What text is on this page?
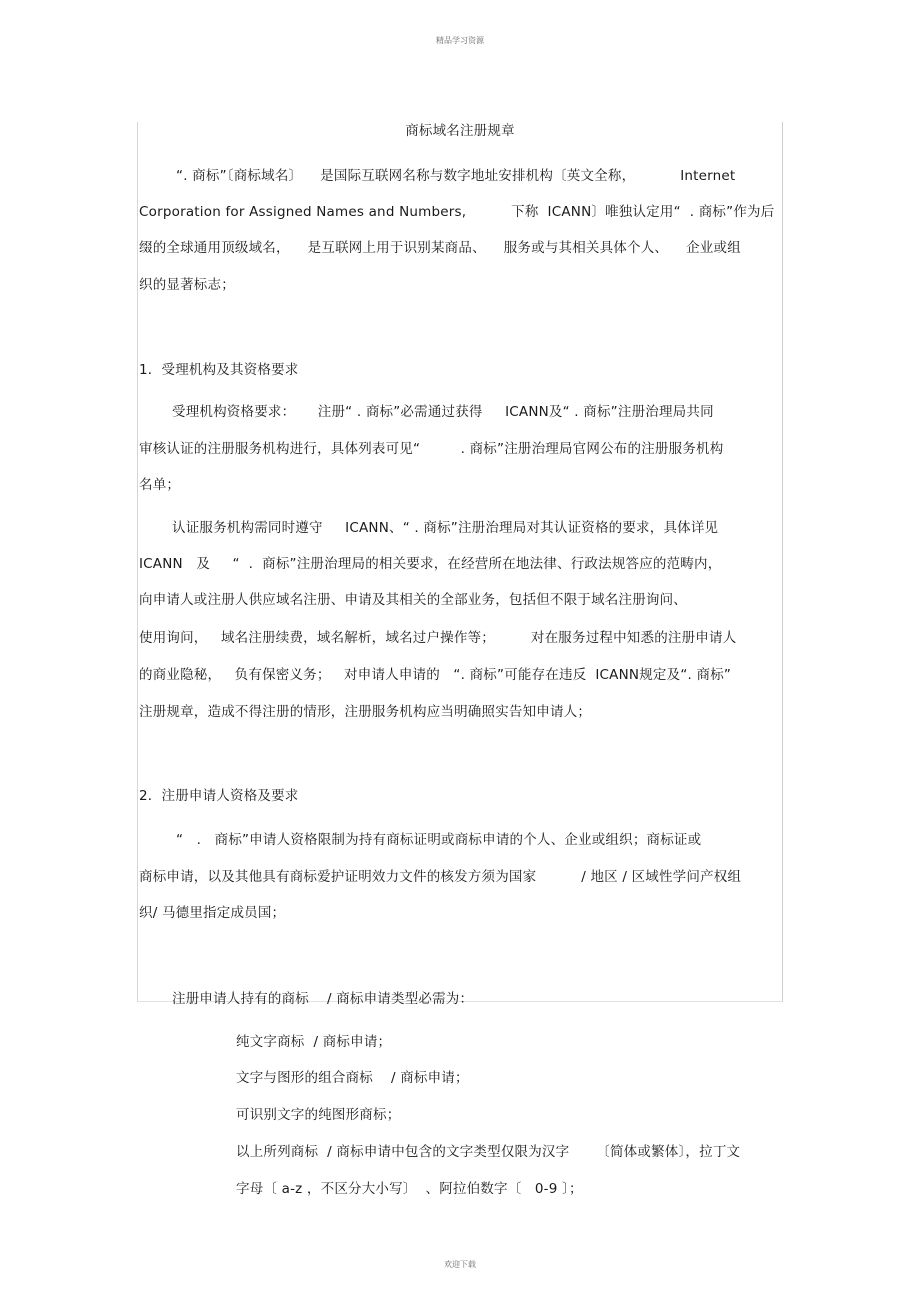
精品学习资源
商标域名注册规章
“. 商标”〔商标域名〕    是国际互联网名称与数字地址安排机构〔英文全称，          Internet
Corporation for Assigned Names and Numbers,          下称  ICANN〕唯独认定用“  . 商标”作为后
缀的全球通用顶级域名，    是互联网上用于识别某商品、    服务或与其相关具体个人、    企业或组
织的显著标志；
1．受理机构及其资格要求
受理机构资格要求：     注册“ . 商标”必需通过获得     ICANN及“ . 商标”注册治理局共同
审核认证的注册服务机构进行，具体列表可见“         . 商标”注册治理局官网公布的注册服务机构
名单；
认证服务机构需同时遵守     ICANN、“ . 商标”注册治理局对其认证资格的要求，具体详见
ICANN   及     “  .  商标”注册治理局的相关要求，在经营所在地法律、行政法规答应的范畴内，
向申请人或注册人供应域名注册、申请及其相关的全部业务，包括但不限于域名注册询问、
使用询问，   域名注册续费，域名解析，域名过户操作等；        对在服务过程中知悉的注册申请人
的商业隐秘，   负有保密义务；   对申请人申请的   “. 商标”可能存在违反  ICANN规定及“. 商标”
注册规章，造成不得注册的情形，注册服务机构应当明确照实告知申请人；
2．注册申请人资格及要求
“   .   商标”申请人资格限制为持有商标证明或商标申请的个人、企业或组织；商标证或
商标申请，以及其他具有商标爱护证明效力文件的核发方须为国家          / 地区 / 区域性学问产权组
织/ 马德里指定成员国；
注册申请人持有的商标    / 商标申请类型必需为：
纯文字商标  / 商标申请；
文字与图形的组合商标    / 商标申请；
可识别文字的纯图形商标；
以上所列商标  / 商标申请中包含的文字类型仅限为汉字      〔简体或繁体〕，拉丁文
字母〔 a-z ，不区分大小写〕  、阿拉伯数字〔   0-9 〕；
欢迎下载
